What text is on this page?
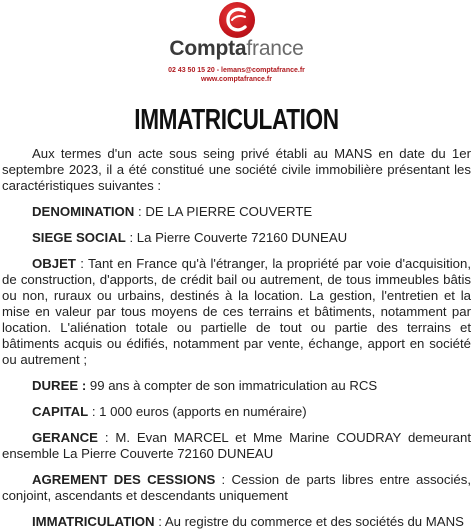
Comptafrance
02 43 50 15 20 - lemans@comptafrance.fr
www.comptafrance.fr
IMMATRICULATION

Aux termes d'un acte sous seing privé établi au MANS en date du 1er septembre 2023, il a été constitué une société civile immobilière présentant les caractéristiques suivantes :

DENOMINATION : DE LA PIERRE COUVERTE

SIEGE SOCIAL : La Pierre Couverte 72160 DUNEAU

OBJET : Tant en France qu'à l'étranger, la propriété par voie d'acquisition, de construction, d'apports, de crédit bail ou autrement, de tous immeubles bâtis ou non, ruraux ou urbains, destinés à la location. La gestion, l'entretien et la mise en valeur par tous moyens de ces terrains et bâtiments, notamment par location. L'aliénation totale ou partielle de tout ou partie des terrains et bâtiments acquis ou édifiés, notamment par vente, échange, apport en société ou autrement ;

DUREE : 99 ans à compter de son immatriculation au RCS

CAPITAL : 1 000 euros (apports en numéraire)

GERANCE : M. Evan MARCEL et Mme Marine COUDRAY demeurant ensemble La Pierre Couverte 72160 DUNEAU

AGREMENT DES CESSIONS : Cession de parts libres entre associés, conjoint, ascendants et descendants uniquement

IMMATRICULATION : Au registre du commerce et des sociétés du MANS
